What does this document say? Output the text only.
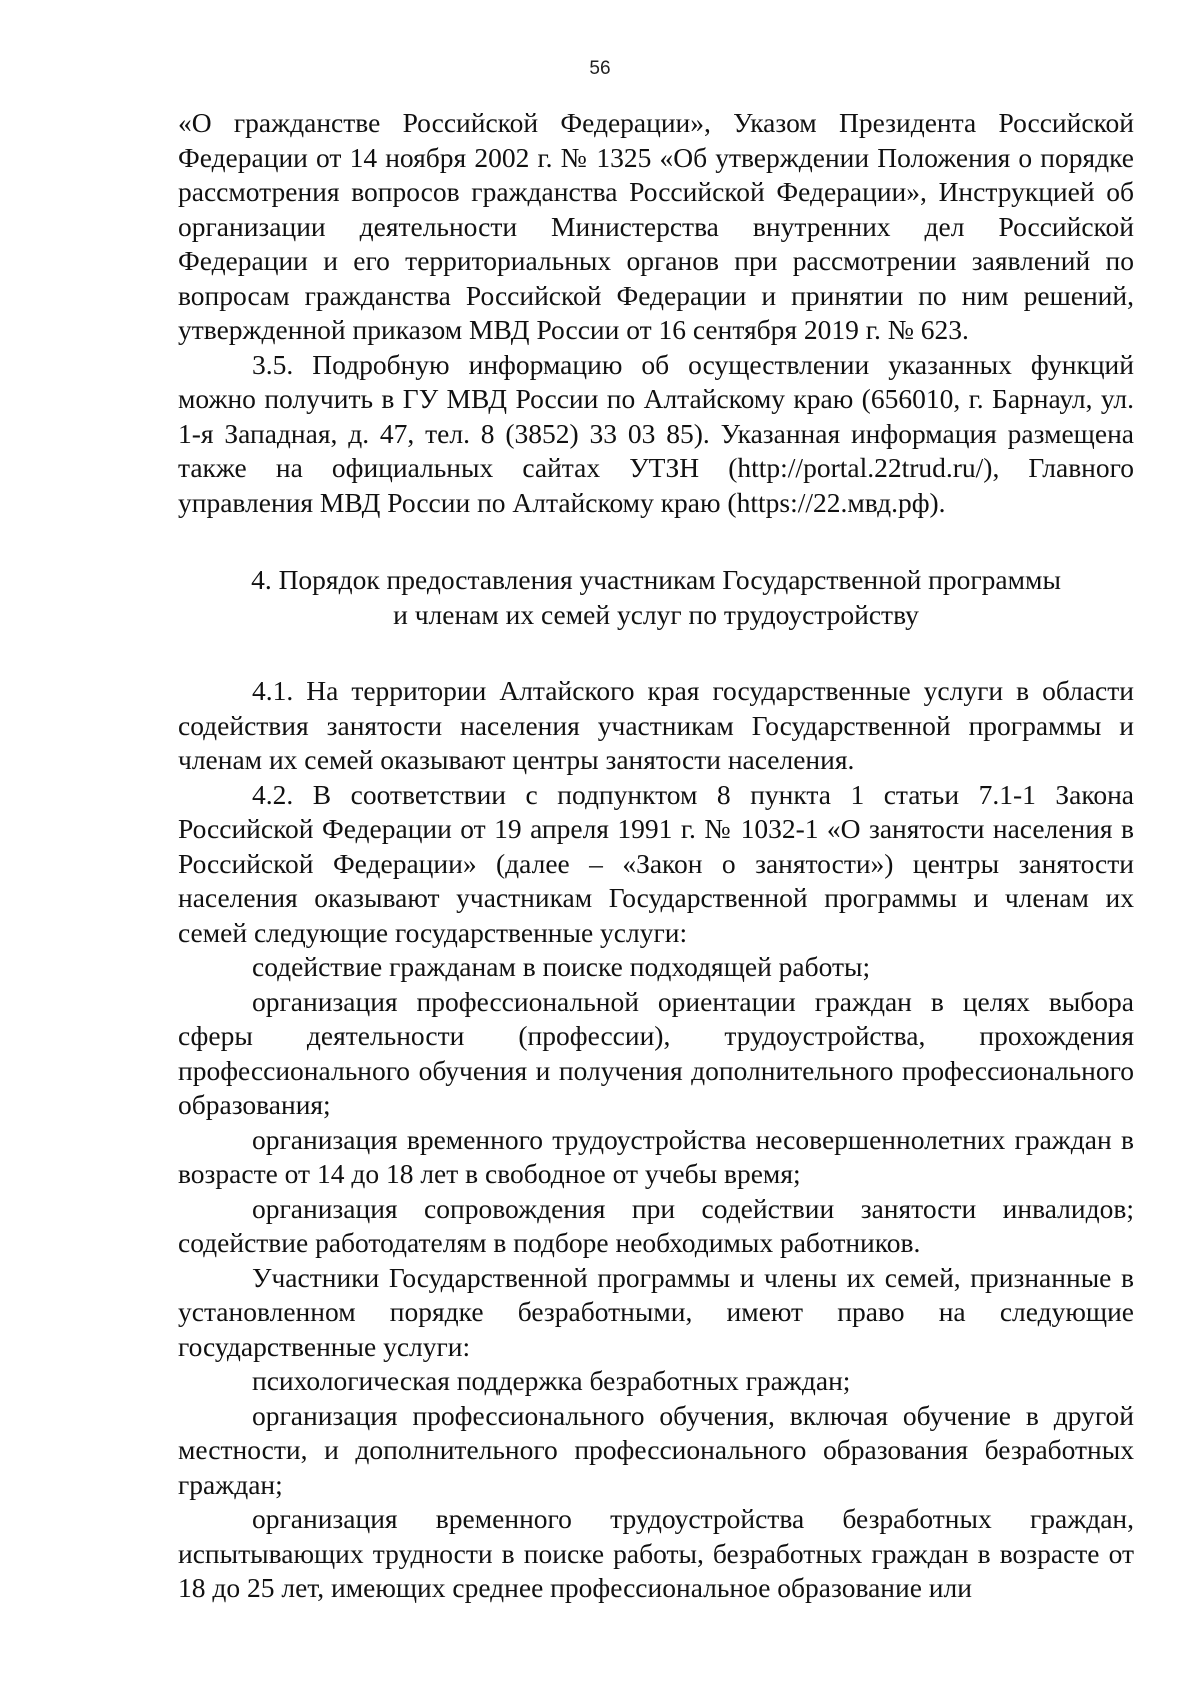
56

«О гражданстве Российской Федерации», Указом Президента Российской Федерации от 14 ноября 2002 г. № 1325 «Об утверждении Положения о порядке рассмотрения вопросов гражданства Российской Федерации», Инструкцией об организации деятельности Министерства внутренних дел Российской Федерации и его территориальных органов при рассмотрении заявлений по вопросам гражданства Российской Федерации и принятии по ним решений, утвержденной приказом МВД России от 16 сентября 2019 г. № 623.

3.5. Подробную информацию об осуществлении указанных функций можно получить в ГУ МВД России по Алтайскому краю (656010, г. Барнаул, ул. 1-я Западная, д. 47, тел. 8 (3852) 33 03 85). Указанная информация размещена также на официальных сайтах УТЗН (http://portal.22trud.ru/), Главного управления МВД России по Алтайскому краю (https://22.мвд.рф).

4. Порядок предоставления участникам Государственной программы
и членам их семей услуг по трудоустройству

4.1. На территории Алтайского края государственные услуги в области содействия занятости населения участникам Государственной программы и членам их семей оказывают центры занятости населения.

4.2. В соответствии с подпунктом 8 пункта 1 статьи 7.1-1 Закона Российской Федерации от 19 апреля 1991 г. № 1032-1 «О занятости населения в Российской Федерации» (далее – «Закон о занятости») центры занятости населения оказывают участникам Государственной программы и членам их семей следующие государственные услуги:

содействие гражданам в поиске подходящей работы;

организация профессиональной ориентации граждан в целях выбора сферы деятельности (профессии), трудоустройства, прохождения профессионального обучения и получения дополнительного профессионального образования;

организация временного трудоустройства несовершеннолетних граждан в возрасте от 14 до 18 лет в свободное от учебы время;

организация сопровождения при содействии занятости инвалидов; содействие работодателям в подборе необходимых работников.

Участники Государственной программы и члены их семей, признанные в установленном порядке безработными, имеют право на следующие государственные услуги:

психологическая поддержка безработных граждан;

организация профессионального обучения, включая обучение в другой местности, и дополнительного профессионального образования безработных граждан;

организация временного трудоустройства безработных граждан, испытывающих трудности в поиске работы, безработных граждан в возрасте от 18 до 25 лет, имеющих среднее профессиональное образование или
